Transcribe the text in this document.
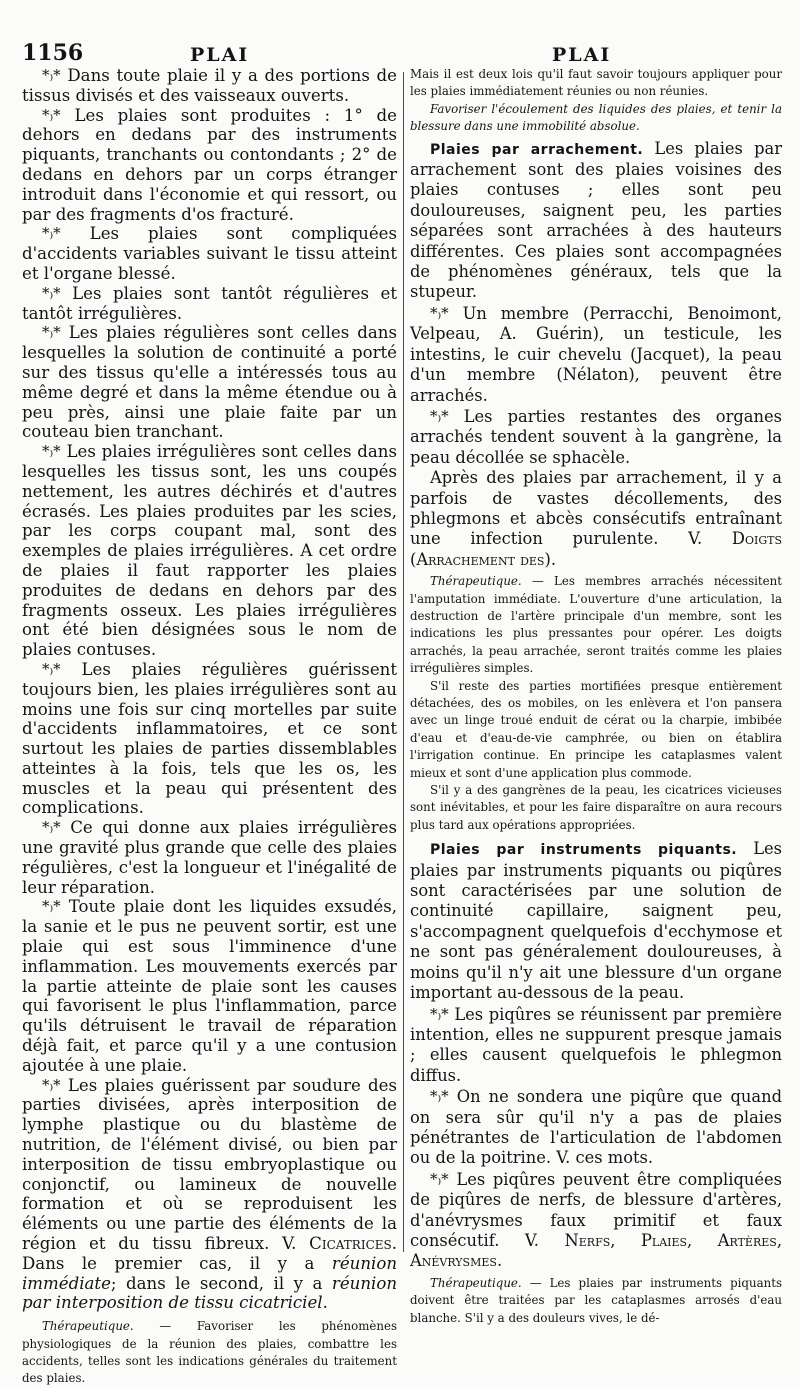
1156	PLAI	PLAI

*₎* Dans toute plaie il y a des portions de tissus divisés et des vaisseaux ouverts.

*₎* Les plaies sont produites : 1° de dehors en dedans par des instruments piquants, tranchants ou contondants ; 2° de dedans en dehors par un corps étranger introduit dans l'économie et qui ressort, ou par des fragments d'os fracturé.

*₎* Les plaies sont compliquées d'accidents variables suivant le tissu atteint et l'organe blessé.

*₎* Les plaies sont tantôt régulières et tantôt irrégulières.

*₎* Les plaies régulières sont celles dans lesquelles la solution de continuité a porté sur des tissus qu'elle a intéressés tous au même degré et dans la même étendue ou à peu près, ainsi une plaie faite par un couteau bien tranchant.

*₎* Les plaies irrégulières sont celles dans lesquelles les tissus sont, les uns coupés nettement, les autres déchirés et d'autres écrasés. Les plaies produites par les scies, par les corps coupant mal, sont des exemples de plaies irrégulières. A cet ordre de plaies il faut rapporter les plaies produites de dedans en dehors par des fragments osseux. Les plaies irrégulières ont été bien désignées sous le nom de plaies contuses.

*₎* Les plaies régulières guérissent toujours bien, les plaies irrégulières sont au moins une fois sur cinq mortelles par suite d'accidents inflammatoires, et ce sont surtout les plaies de parties dissemblables atteintes à la fois, tels que les os, les muscles et la peau qui présentent des complications.

*₎* Ce qui donne aux plaies irrégulières une gravité plus grande que celle des plaies régulières, c'est la longueur et l'inégalité de leur réparation.

*₎* Toute plaie dont les liquides exsudés, la sanie et le pus ne peuvent sortir, est une plaie qui est sous l'imminence d'une inflammation. Les mouvements exercés par la partie atteinte de plaie sont les causes qui favorisent le plus l'inflammation, parce qu'ils détruisent le travail de réparation déjà fait, et parce qu'il y a une contusion ajoutée à une plaie.

*₎* Les plaies guérissent par soudure des parties divisées, après interposition de lymphe plastique ou du blastème de nutrition, de l'élément divisé, ou bien par interposition de tissu embryoplastique ou conjonctif, ou lamineux de nouvelle formation et où se reproduisent les éléments ou une partie des éléments de la région et du tissu fibreux. V. Cicatrices. Dans le premier cas, il y a réunion immédiate; dans le second, il y a réunion par interposition de tissu cicatriciel.

Thérapeutique. — Favoriser les phénomènes physiologiques de la réunion des plaies, combattre les accidents, telles sont les indications générales du traitement des plaies.

Mais il est deux lois qu'il faut savoir toujours appliquer pour les plaies immédiatement réunies ou non réunies.

Favoriser l'écoulement des liquides des plaies, et tenir la blessure dans une immobilité absolue.

Plaies par arrachement. Les plaies par arrachement sont des plaies voisines des plaies contuses ; elles sont peu douloureuses, saignent peu, les parties séparées sont arrachées à des hauteurs différentes. Ces plaies sont accompagnées de phénomènes généraux, tels que la stupeur.

*₎* Un membre (Perracchi, Benoimont, Velpeau, A. Guérin), un testicule, les intestins, le cuir chevelu (Jacquet), la peau d'un membre (Nélaton), peuvent être arrachés.

*₎* Les parties restantes des organes arrachés tendent souvent à la gangrène, la peau décollée se sphacèle.

Après des plaies par arrachement, il y a parfois de vastes décollements, des phlegmons et abcès consécutifs entraînant une infection purulente. V. Doigts (Arrachement des).

Thérapeutique. — Les membres arrachés nécessitent l'amputation immédiate. L'ouverture d'une articulation, la destruction de l'artère principale d'un membre, sont les indications les plus pressantes pour opérer. Les doigts arrachés, la peau arrachée, seront traités comme les plaies irrégulières simples.

S'il reste des parties mortifiées presque entièrement détachées, des os mobiles, on les enlèvera et l'on pansera avec un linge troué enduit de cérat ou la charpie, imbibée d'eau et d'eau-de-vie camphrée, ou bien on établira l'irrigation continue. En principe les cataplasmes valent mieux et sont d'une application plus commode.

S'il y a des gangrènes de la peau, les cicatrices vicieuses sont inévitables, et pour les faire disparaître on aura recours plus tard aux opérations appropriées.

Plaies par instruments piquants. Les plaies par instruments piquants ou piqûres sont caractérisées par une solution de continuité capillaire, saignent peu, s'accompagnent quelquefois d'ecchymose et ne sont pas généralement douloureuses, à moins qu'il n'y ait une blessure d'un organe important au-dessous de la peau.

*₎* Les piqûres se réunissent par première intention, elles ne suppurent presque jamais ; elles causent quelquefois le phlegmon diffus.

*₎* On ne sondera une piqûre que quand on sera sûr qu'il n'y a pas de plaies pénétrantes de l'articulation de l'abdomen ou de la poitrine. V. ces mots.

*₎* Les piqûres peuvent être compliquées de piqûres de nerfs, de blessure d'artères, d'anévrysmes faux primitif et faux consécutif. V. Nerfs, Plaies, Artères, Anévrysmes.

Thérapeutique. — Les plaies par instruments piquants doivent être traitées par les cataplasmes arrosés d'eau blanche. S'il y a des douleurs vives, le dé-
